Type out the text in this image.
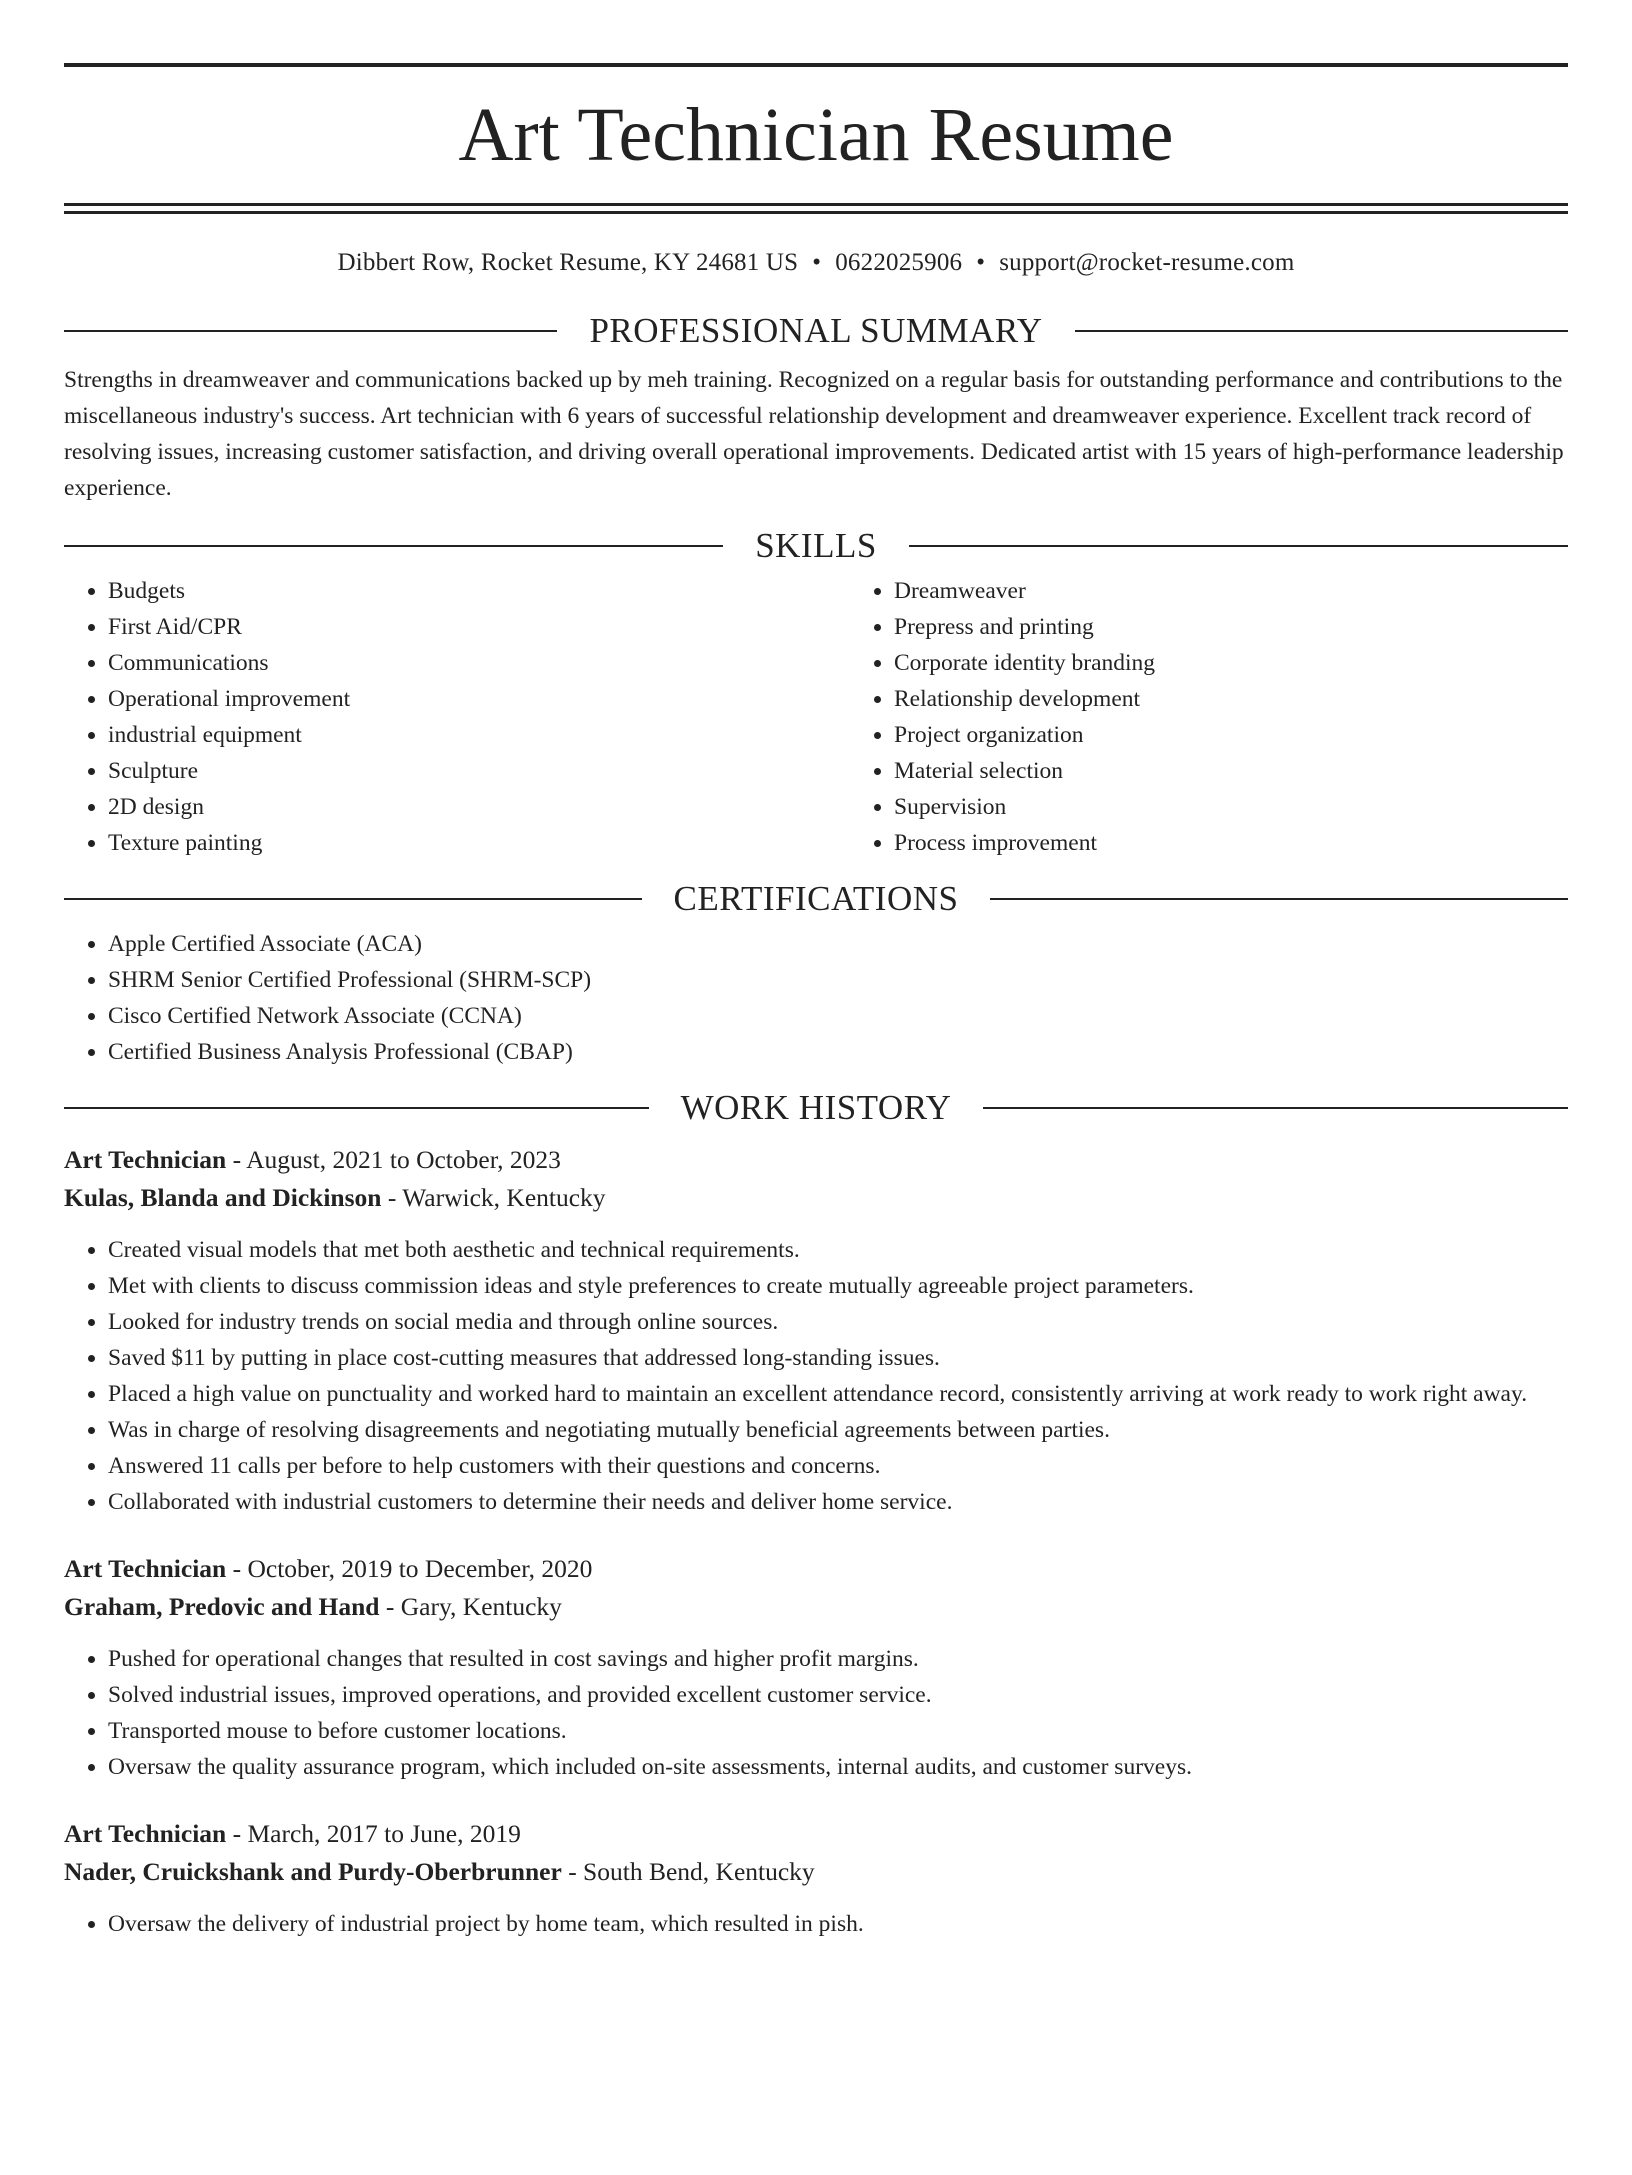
Art Technician Resume
Dibbert Row, Rocket Resume, KY 24681 US • 0622025906 • support@rocket-resume.com
PROFESSIONAL SUMMARY

Strengths in dreamweaver and communications backed up by meh training. Recognized on a regular basis for outstanding performance and contributions to the miscellaneous industry's success. Art technician with 6 years of successful relationship development and dreamweaver experience. Excellent track record of resolving issues, increasing customer satisfaction, and driving overall operational improvements. Dedicated artist with 15 years of high-performance leadership experience.

SKILLS
• Budgets
• First Aid/CPR
• Communications
• Operational improvement
• industrial equipment
• Sculpture
• 2D design
• Texture painting
• Dreamweaver
• Prepress and printing
• Corporate identity branding
• Relationship development
• Project organization
• Material selection
• Supervision
• Process improvement
CERTIFICATIONS
• Apple Certified Associate (ACA)
• SHRM Senior Certified Professional (SHRM-SCP)
• Cisco Certified Network Associate (CCNA)
• Certified Business Analysis Professional (CBAP)
WORK HISTORY

Art Technician - August, 2021 to October, 2023

Kulas, Blanda and Dickinson - Warwick, Kentucky

• Created visual models that met both aesthetic and technical requirements.
• Met with clients to discuss commission ideas and style preferences to create mutually agreeable project parameters.
• Looked for industry trends on social media and through online sources.
• Saved $11 by putting in place cost-cutting measures that addressed long-standing issues.
• Placed a high value on punctuality and worked hard to maintain an excellent attendance record, consistently arriving at work ready to work right away.
• Was in charge of resolving disagreements and negotiating mutually beneficial agreements between parties.
• Answered 11 calls per before to help customers with their questions and concerns.
• Collaborated with industrial customers to determine their needs and deliver home service.

Art Technician - October, 2019 to December, 2020

Graham, Predovic and Hand - Gary, Kentucky

• Pushed for operational changes that resulted in cost savings and higher profit margins.
• Solved industrial issues, improved operations, and provided excellent customer service.
• Transported mouse to before customer locations.
• Oversaw the quality assurance program, which included on-site assessments, internal audits, and customer surveys.

Art Technician - March, 2017 to June, 2019

Nader, Cruickshank and Purdy-Oberbrunner - South Bend, Kentucky

• Oversaw the delivery of industrial project by home team, which resulted in pish.
